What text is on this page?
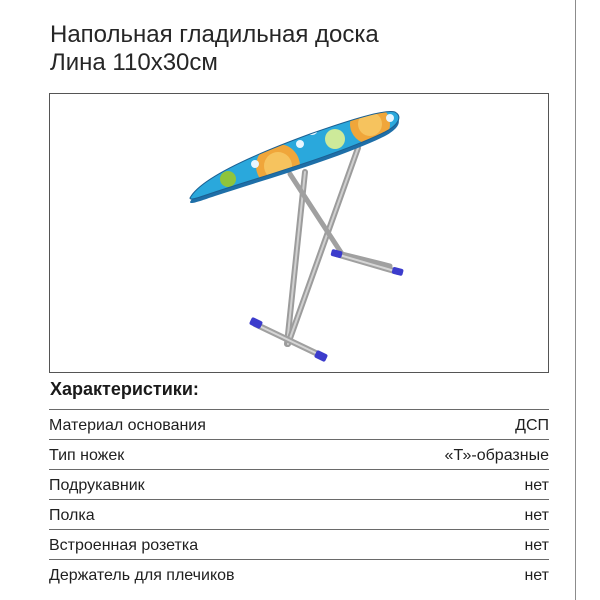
Напольная гладильная доска
Лина 110х30см
Характеристики:
Материал основания	ДСП
Тип ножек	«Т»-образные
Подрукавник	нет
Полка	нет
Встроенная розетка	нет
Держатель для плечиков	нет
